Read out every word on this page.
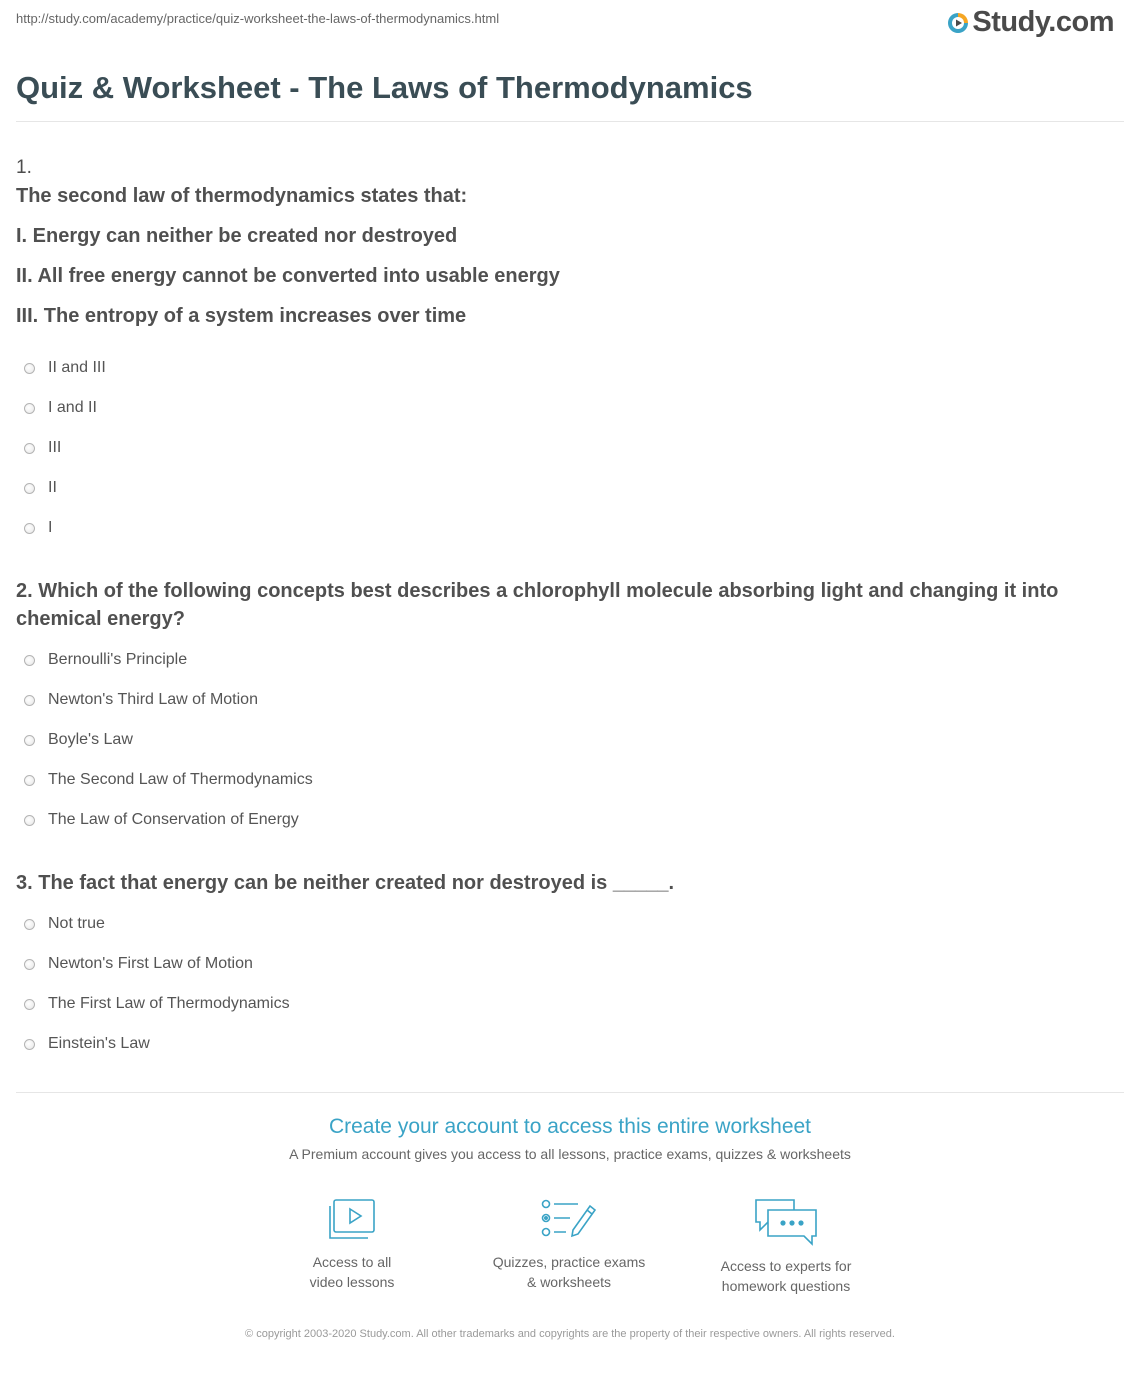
http://study.com/academy/practice/quiz-worksheet-the-laws-of-thermodynamics.html	Study.com
Quiz & Worksheet - The Laws of Thermodynamics
1.
The second law of thermodynamics states that:
I. Energy can neither be created nor destroyed
II. All free energy cannot be converted into usable energy
III. The entropy of a system increases over time
II and III
I and II
III
II
I
2. Which of the following concepts best describes a chlorophyll molecule absorbing light and changing it into chemical energy?
Bernoulli's Principle
Newton's Third Law of Motion
Boyle's Law
The Second Law of Thermodynamics
The Law of Conservation of Energy
3. The fact that energy can be neither created nor destroyed is _____.
Not true
Newton's First Law of Motion
The First Law of Thermodynamics
Einstein's Law
Create your account to access this entire worksheet
A Premium account gives you access to all lessons, practice exams, quizzes & worksheets
Access to all
video lessons
Quizzes, practice exams
& worksheets
Access to experts for
homework questions
© copyright 2003-2020 Study.com. All other trademarks and copyrights are the property of their respective owners. All rights reserved.
